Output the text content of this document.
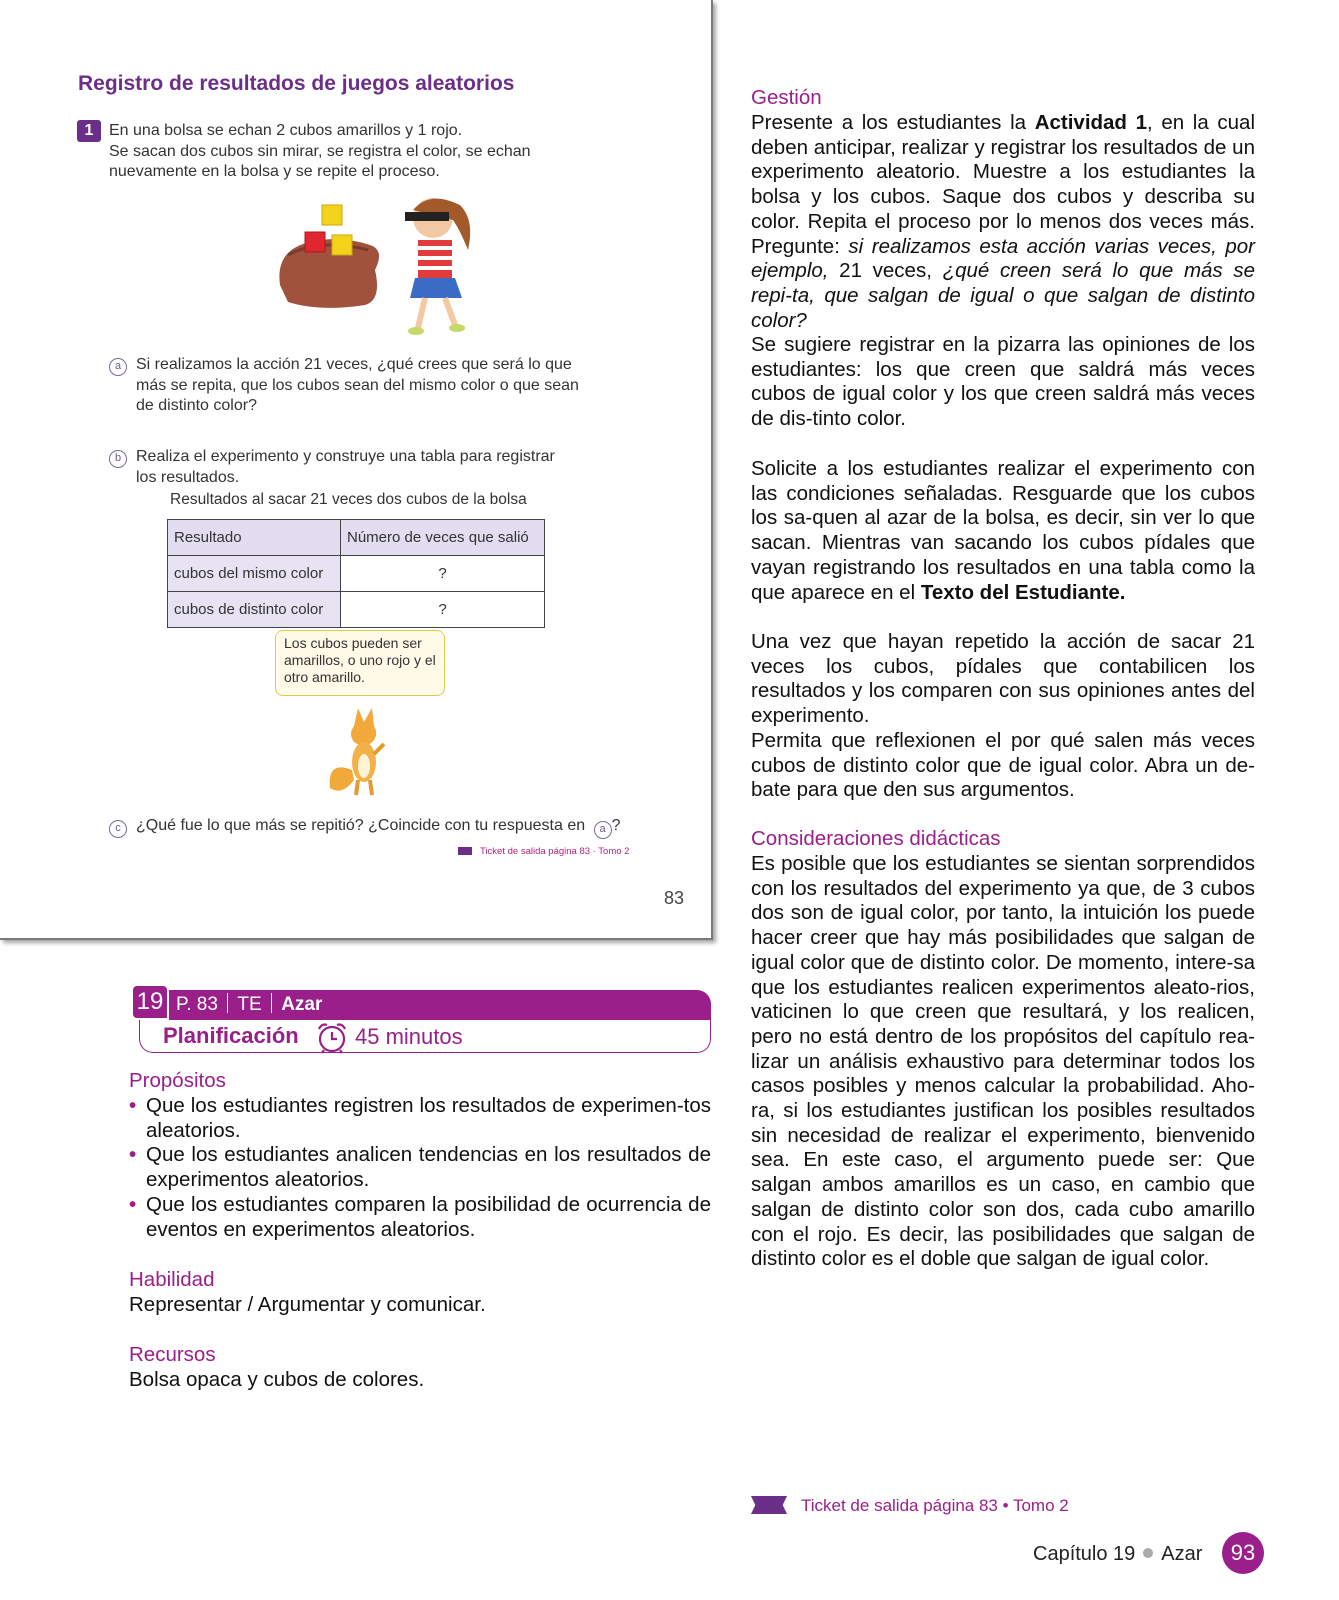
Registro de resultados de juegos aleatorios
1 En una bolsa se echan 2 cubos amarillos y 1 rojo.
Se sacan dos cubos sin mirar, se registra el color, se echan
nuevamente en la bolsa y se repite el proceso.
a Si realizamos la acción 21 veces, ¿qué crees que será lo que
más se repita, que los cubos sean del mismo color o que sean
de distinto color?
b Realiza el experimento y construye una tabla para registrar
los resultados.
Resultados al sacar 21 veces dos cubos de la bolsa
Resultado	Número de veces que salió
cubos del mismo color	?
cubos de distinto color	?
Los cubos pueden ser amarillos, o uno rojo y el otro amarillo.
c ¿Qué fue lo que más se repitió? ¿Coincide con tu respuesta en a ?
Ticket de salida página 83 · Tomo 2
83
P. 83 TE Azar
19
Planificación	45 minutos
Propósitos
• Que los estudiantes registren los resultados de experimen-tos aleatorios.
• Que los estudiantes analicen tendencias en los resultados de experimentos aleatorios.
• Que los estudiantes comparen la posibilidad de ocurrencia de eventos en experimentos aleatorios.
Habilidad
Representar / Argumentar y comunicar.
Recursos
Bolsa opaca y cubos de colores.
Gestión
Presente a los estudiantes la Actividad 1, en la cual deben anticipar, realizar y registrar los resultados de un experimento aleatorio. Muestre a los estudiantes la bolsa y los cubos. Saque dos cubos y describa su color. Repita el proceso por lo menos dos veces más. Pregunte: si realizamos esta acción varias veces, por ejemplo, 21 veces, ¿qué creen será lo que más se repi-ta, que salgan de igual o que salgan de distinto color?
Se sugiere registrar en la pizarra las opiniones de los estudiantes: los que creen que saldrá más veces cubos de igual color y los que creen saldrá más veces de dis-tinto color.
Solicite a los estudiantes realizar el experimento con las condiciones señaladas. Resguarde que los cubos los sa-quen al azar de la bolsa, es decir, sin ver lo que sacan. Mientras van sacando los cubos pídales que vayan registrando los resultados en una tabla como la que aparece en el Texto del Estudiante.
Una vez que hayan repetido la acción de sacar 21 veces los cubos, pídales que contabilicen los resultados y los comparen con sus opiniones antes del experimento.
Permita que reflexionen el por qué salen más veces cubos de distinto color que de igual color. Abra un de-bate para que den sus argumentos.
Consideraciones didácticas
Es posible que los estudiantes se sientan sorprendidos con los resultados del experimento ya que, de 3 cubos dos son de igual color, por tanto, la intuición los puede hacer creer que hay más posibilidades que salgan de igual color que de distinto color. De momento, intere-sa que los estudiantes realicen experimentos aleato-rios, vaticinen lo que creen que resultará, y los realicen, pero no está dentro de los propósitos del capítulo rea-lizar un análisis exhaustivo para determinar todos los casos posibles y menos calcular la probabilidad. Aho-ra, si los estudiantes justifican los posibles resultados sin necesidad de realizar el experimento, bienvenido sea. En este caso, el argumento puede ser: Que salgan ambos amarillos es un caso, en cambio que salgan de distinto color son dos, cada cubo amarillo con el rojo. Es decir, las posibilidades que salgan de distinto color es el doble que salgan de igual color.
Ticket de salida página 83 • Tomo 2
Capítulo 19 Azar	93
